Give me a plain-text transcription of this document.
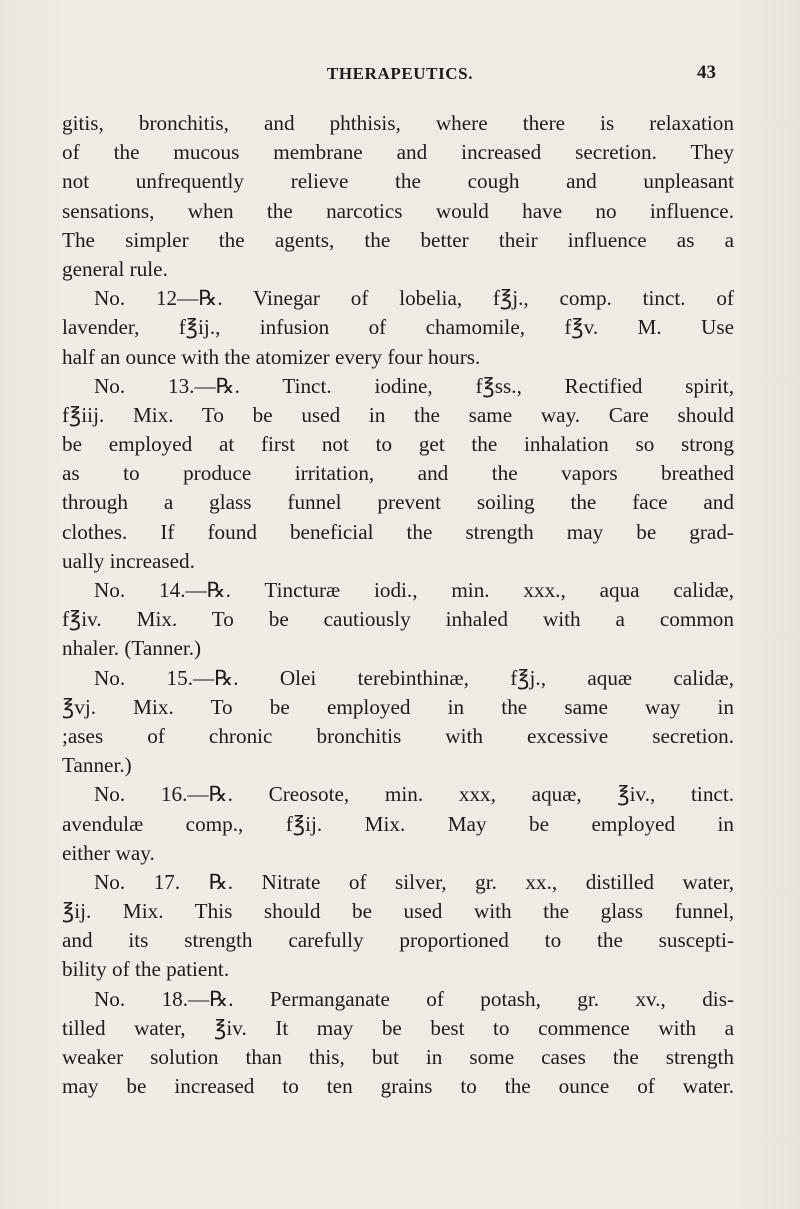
THERAPEUTICS.	43
gitis, bronchitis, and phthisis, where there is relaxation
of the mucous membrane and increased secretion. They
not unfrequently relieve the cough and unpleasant
sensations, when the narcotics would have no influence.
The simpler the agents, the better their influence as a
general rule.
No. 12—℞. Vinegar of lobelia, f℥j., comp. tinct. of
lavender, f℥ij., infusion of chamomile, f℥v. M. Use
half an ounce with the atomizer every four hours.
No. 13.—℞. Tinct. iodine, f℥ss., Rectified spirit,
f℥iij. Mix. To be used in the same way. Care should
be employed at first not to get the inhalation so strong
as to produce irritation, and the vapors breathed
through a glass funnel prevent soiling the face and
clothes. If found beneficial the strength may be grad-
ually increased.
No. 14.—℞. Tincturæ iodi., min. xxx., aqua calidæ,
f℥iv. Mix. To be cautiously inhaled with a common
nhaler. (Tanner.)
No. 15.—℞. Olei terebinthinæ, f℥j., aquæ calidæ,
℥vj. Mix. To be employed in the same way in
;ases of chronic bronchitis with excessive secretion.
Tanner.)
No. 16.—℞. Creosote, min. xxx, aquæ, ℥iv., tinct.
avendulæ comp., f℥ij. Mix. May be employed in
either way.
No. 17. ℞. Nitrate of silver, gr. xx., distilled water,
℥ij. Mix. This should be used with the glass funnel,
and its strength carefully proportioned to the suscepti-
bility of the patient.
No. 18.—℞. Permanganate of potash, gr. xv., dis-
tilled water, ℥iv. It may be best to commence with a
weaker solution than this, but in some cases the strength
may be increased to ten grains to the ounce of water.
